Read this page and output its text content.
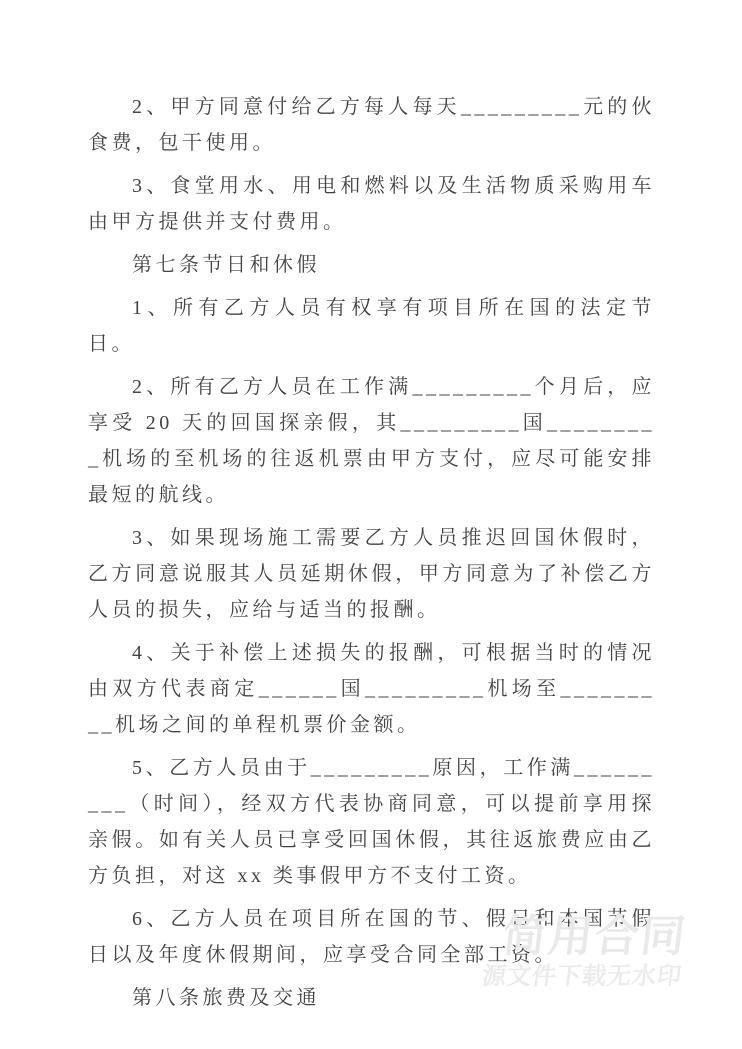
2、甲方同意付给乙方每人每天_________元的伙食费，包干使用。

3、食堂用水、用电和燃料以及生活物质采购用车由甲方提供并支付费用。

第七条节日和休假

1、所有乙方人员有权享有项目所在国的法定节日。

2、所有乙方人员在工作满_________个月后，应享受 20 天的回国探亲假，其_________国_________机场的至机场的往返机票由甲方支付，应尽可能安排最短的航线。

3、如果现场施工需要乙方人员推迟回国休假时，乙方同意说服其人员延期休假，甲方同意为了补偿乙方人员的损失，应给与适当的报酬。

4、关于补偿上述损失的报酬，可根据当时的情况由双方代表商定______国_________机场至_________机场之间的单程机票价金额。

5、乙方人员由于_________原因，工作满_________（时间），经双方代表协商同意，可以提前享用探亲假。如有关人员已享受回国休假，其往返旅费应由乙方负担，对这 xx 类事假甲方不支付工资。

6、乙方人员在项目所在国的节、假日和本国节假日以及年度休假期间，应享受合同全部工资。

第八条旅费及交通

简用合同
源文件下载无水印
